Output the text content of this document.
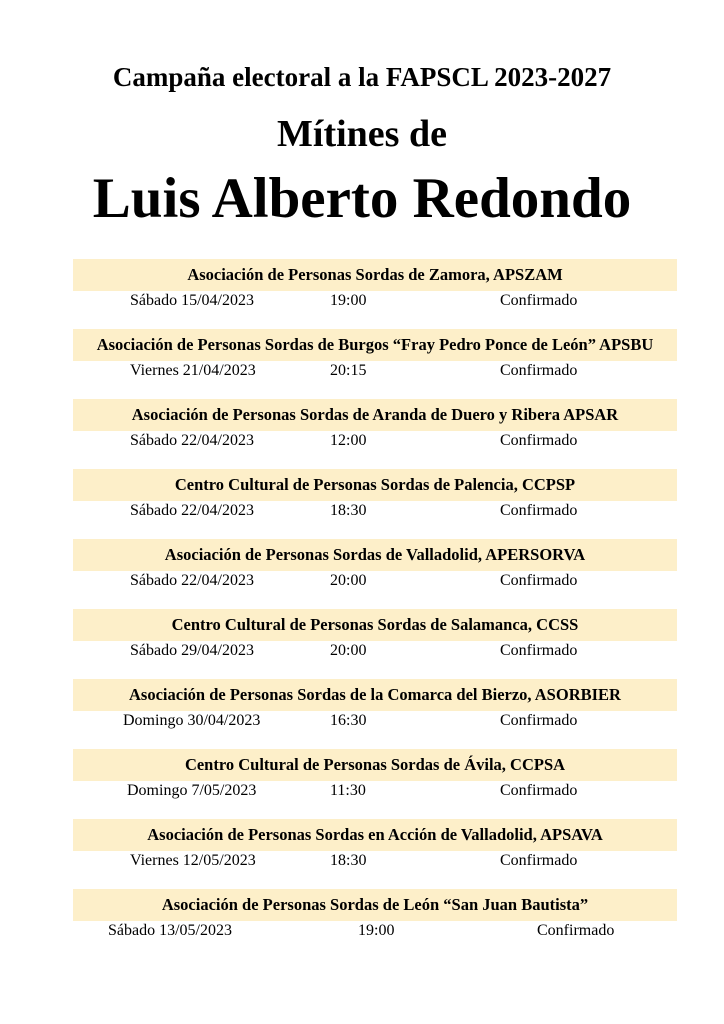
Campaña electoral a la FAPSCL 2023-2027
Mítines de
Luis Alberto Redondo
Asociación de Personas Sordas de Zamora, APSZAM
Sábado 15/04/2023	19:00	Confirmado
Asociación de Personas Sordas de Burgos “Fray Pedro Ponce de León” APSBU
Viernes 21/04/2023	20:15	Confirmado
Asociación de Personas Sordas de Aranda de Duero y Ribera APSAR
Sábado 22/04/2023	12:00	Confirmado
Centro Cultural de Personas Sordas de Palencia, CCPSP
Sábado 22/04/2023	18:30	Confirmado
Asociación de Personas Sordas de Valladolid, APERSORVA
Sábado 22/04/2023	20:00	Confirmado
Centro Cultural de Personas Sordas de Salamanca, CCSS
Sábado 29/04/2023	20:00	Confirmado
Asociación de Personas Sordas de la Comarca del Bierzo, ASORBIER
Domingo 30/04/2023	16:30	Confirmado
Centro Cultural de Personas Sordas de Ávila, CCPSA
Domingo 7/05/2023	11:30	Confirmado
Asociación de Personas Sordas en Acción de Valladolid, APSAVA
Viernes 12/05/2023	18:30	Confirmado
Asociación de Personas Sordas de León “San Juan Bautista”
Sábado 13/05/2023	19:00	Confirmado
